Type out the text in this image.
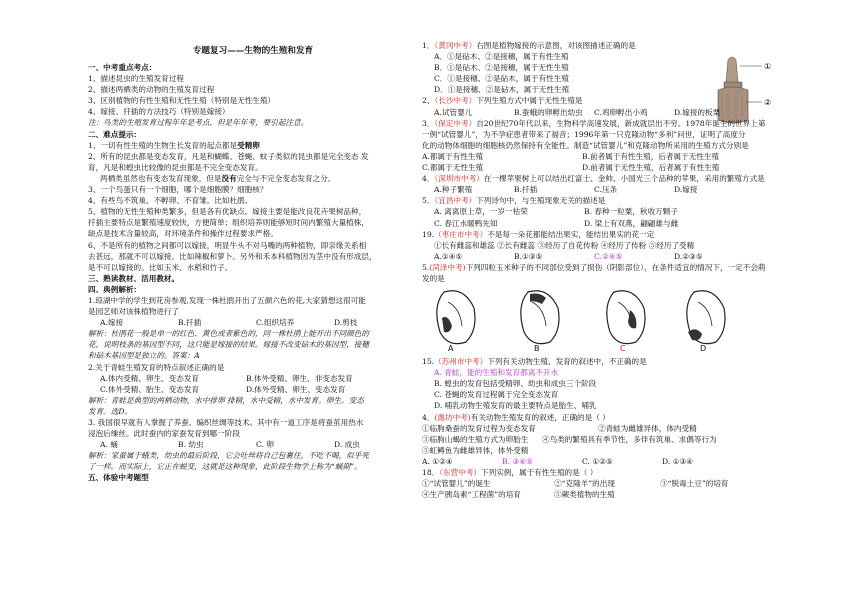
专题复习——生物的生殖和发育
一、中考重点考点：
1、描述昆虫的生殖发育过程
2、描述两栖类的动物的生殖发育过程
3、区别植物的有性生殖和无性生殖（特别是无性生殖）
4、嫁接、扦插的方法技巧（特别是嫁接）
注：鸟类的生殖发育过程年年是考点，但是年年考，要引起注意。
二、难点提示：
1、一切有性生殖的生物生长发育的起点都是受精卵
2、所有的昆虫都是变态发育，凡是和蝴蝶、苍蝇、蚊子类似的昆虫都是完全变态 发
育，凡是和蝗虫比较像的昆虫都是不完全变态发育。
两栖类虽然也有变态发育现象，但是没有完全与不完全变态发育之分。
3、一个鸟蛋只有一个细胞，哪个是细胞膜？细胞核？
4、有些鸟不筑巢、不孵卵、不育雏。比如杜鹃。
5、植物的无性生殖种类繁多，但是各有优缺点。嫁接主要是能改良花卉果树品种，
扦插主要特点是繁殖速度较快，方便简单；组织培养则能够短时间内繁殖大量植株，
缺点是技术含量较高，对环境条件和操作过程要求严格。
6、不是所有的植物之间都可以嫁接，明显牛头不对马嘴的两种植物，即亲缘关系相
去甚远，那就不可以嫁接。比如辣椒和萝卜。另外和禾本科植物因为茎中没有形成层，
是不可以嫁接的。比如玉米、水稻和竹子。
三、熟读教材、活用教材。
四、典例解析：
1.琼湖中学的学生到花房参观,发现一株杜鹃开出了五颜六色的花,大家猜想这很可能
是园艺师对该株植物进行了
A.嫁接	B.扦插	C.组织培养	D.剪枝
解析：杜鹃花一般是单一的红色、黄色或者紫色的，同一株杜鹃上能开出不同颜色的
花，说明枝条的基因型不同，这只能是嫁接的结果。嫁接不改变砧木的基因型，接穗
和砧木基因型是独立的。答案：A
2.关于青蛙生殖发育的特点叙述正确的是
A.体内受精、卵生、变态发育	B.体外受精、卵生、非变态发育
C.体外受精、胎生、变态发育	D.体外受精、卵生、变态发育
解析：青蛙是典型的两栖动物，水中排卵 排精，水中受精，水中发育。卵生。变态
发育。选D。
3. 我国很早就有人掌握了养蚕、编织丝绸等技术。其中有一道工序是将蚕茧用热水
浸泡后缫丝。此时蚕内的家蚕发育到哪一阶段
A. 蛹	B. 幼虫	C. 卵	D. 成虫
解析：家蚕属于蛾类，幼虫的最后阶段，它会吐丝将自己包裹住，不吃不喝，似乎死
了一样。而实际上，它正在蜕变，这就是这种现象，此阶段生物学上称为“蛹期”。
五、体验中考题型
①
②
1．（黄冈中考）右图是植物嫁接的示意图，对该图描述正确的是
A．①是砧木、②是接穗，属于有性生殖
B．①是砧木、②是接穗，属于无性生殖
C．①是接穗、②是砧木，属于有性生殖
D．①是接穗、②是砧木，属于无性生殖
2、（长沙中考）下列生殖方式中属于无性生殖是
A.试管婴儿	B.蚕蛾的卵孵出幼虫 C.鸡卵孵出小鸡	D.嫁接的板栗
3．（保定中考）自20世纪70年代以来，生物科学高速发展，新成就层出不穷。1978年诞生的世界上第
一例“试管婴儿”，为不孕症患者带来了福音；1996年第一只克隆动物“多利”问世，证明了高度分
化的动物体细胞的细胞核仍然保持有全能性。制造“试管婴儿”和克隆动物所采用的生殖方式分别是
A.都属于有性生殖	B.前者属于有性生殖，后者属于无性生殖
C.都属于无性生殖	D.前者属于无性生殖，后者属于有性生殖
4．（深圳市中考）在一棵苹果树上可以结出红富士、金帅、小国光三个品种的苹果，采用的繁殖方式是
A.种子繁殖	B.扦插	C.压条	D.嫁接
5．（宜昌中考）下列诗句中，与生殖现象无关的描述是
A. 离离原上草，一岁一枯荣	B. 春种一粒粟，秋收万颗子
C. 春江水暖鸭先知	D. 梁上有双燕，翩翩雄与雌
19.（枣庄市中考）不是每一朵花都能结出果实，能结出果实的花一定
①长有雌蕊和雄蕊 ②长有雌蕊 ③经历了自花传粉 ④经历了传粉 ⑤经历了受精
A.①④⑤	B.①③⑤	C.②④⑤	D.②③⑤
5.(菏泽中考)下列四粒玉米种子的不同部位受到了损伤（阴影部位），在条件适宜的情况下，一定不会萌
发的是
A	B	C	D
15.（苏州市中考）下列有关动物生殖、发育的叙述中，不正确的是
A. 青蛙，能的生殖和发育都离不开水
B. 蝗虫的发育包括受精卵、幼虫和成虫三个阶段
C. 苍蝇的发育过程属于完全变态发育
D. 哺乳动物生殖发育的最主要特点是胎生、哺乳
4．(潍坊中考)有关动物生殖发育的叙述，正确的是（ ）
①临朐桑蚕的发育过程为变态发育	②青蛙为雌雄异体，体内受精
③临朐山蝎的生殖方式为卵胎生 ④鸟类的繁殖具有季节性，多伴有筑巢、求偶等行为
⑤虹鳟鱼为雌雄异体，体外受精
A. ①②④	B. ③④⑤	C. ①②⑤	D. ①③④
18．（东营中考）下列实例，属于有性生殖的是（ ）
①“试管婴儿”的诞生	②“克隆羊”的出现	③“脱毒土豆”的培育
④生产胰岛素“工程菌”的培育	⑤蕨类植物的生殖
